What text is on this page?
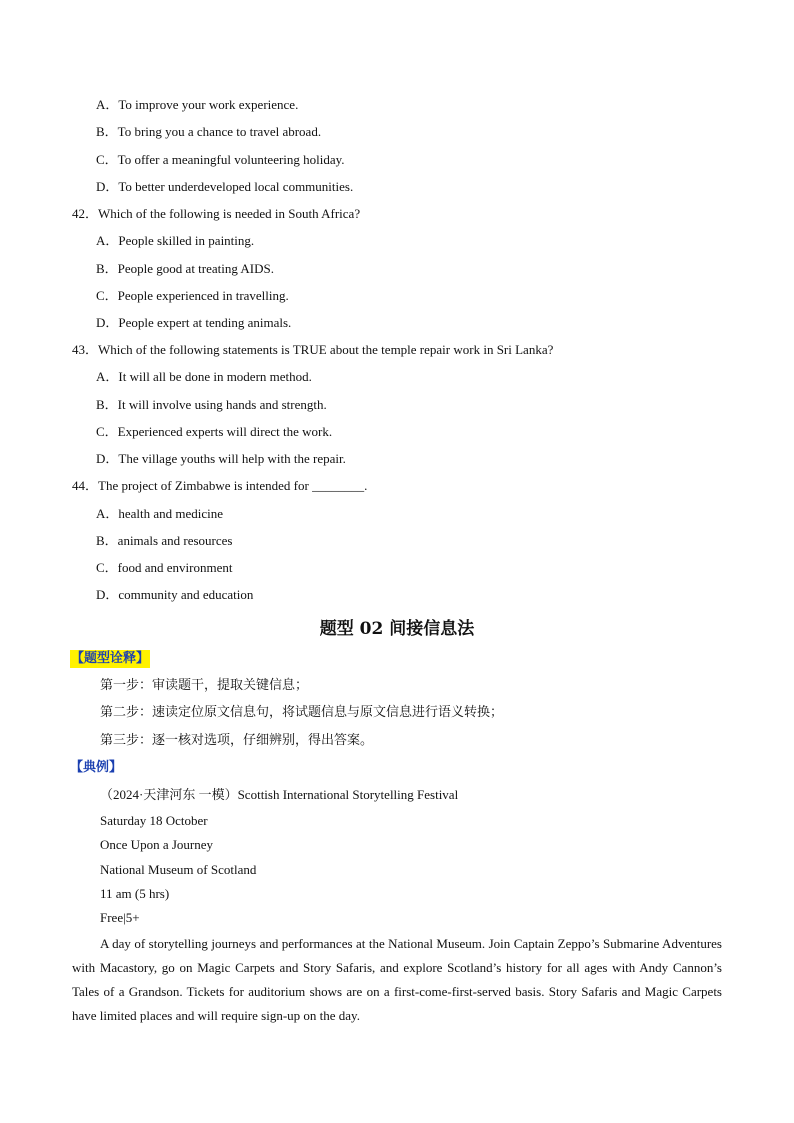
A．To improve your work experience.
B．To bring you a chance to travel abroad.
C．To offer a meaningful volunteering holiday.
D．To better underdeveloped local communities.
42．Which of the following is needed in South Africa?
A．People skilled in painting.
B．People good at treating AIDS.
C．People experienced in travelling.
D．People expert at tending animals.
43．Which of the following statements is TRUE about the temple repair work in Sri Lanka?
A．It will all be done in modern method.
B．It will involve using hands and strength.
C．Experienced experts will direct the work.
D．The village youths will help with the repair.
44．The project of Zimbabwe is intended for ________.
A．health and medicine
B．animals and resources
C．food and environment
D．community and education
题型 02 间接信息法
【题型诠释】
第一步：审读题干，提取关键信息；
第二步：速读定位原文信息句，将试题信息与原文信息进行语义转换；
第三步：逐一核对选项，仔细辨别，得出答案。
【典例】
（2024·天津河东 一模）Scottish International Storytelling Festival
Saturday 18 October
Once Upon a Journey
National Museum of Scotland
11 am (5 hrs)
Free|5+
A day of storytelling journeys and performances at the National Museum. Join Captain Zeppo’s Submarine Adventures with Macastory, go on Magic Carpets and Story Safaris, and explore Scotland’s history for all ages with Andy Cannon’s Tales of a Grandson. Tickets for auditorium shows are on a first-come-first-served basis. Story Safaris and Magic Carpets have limited places and will require sign-up on the day.
